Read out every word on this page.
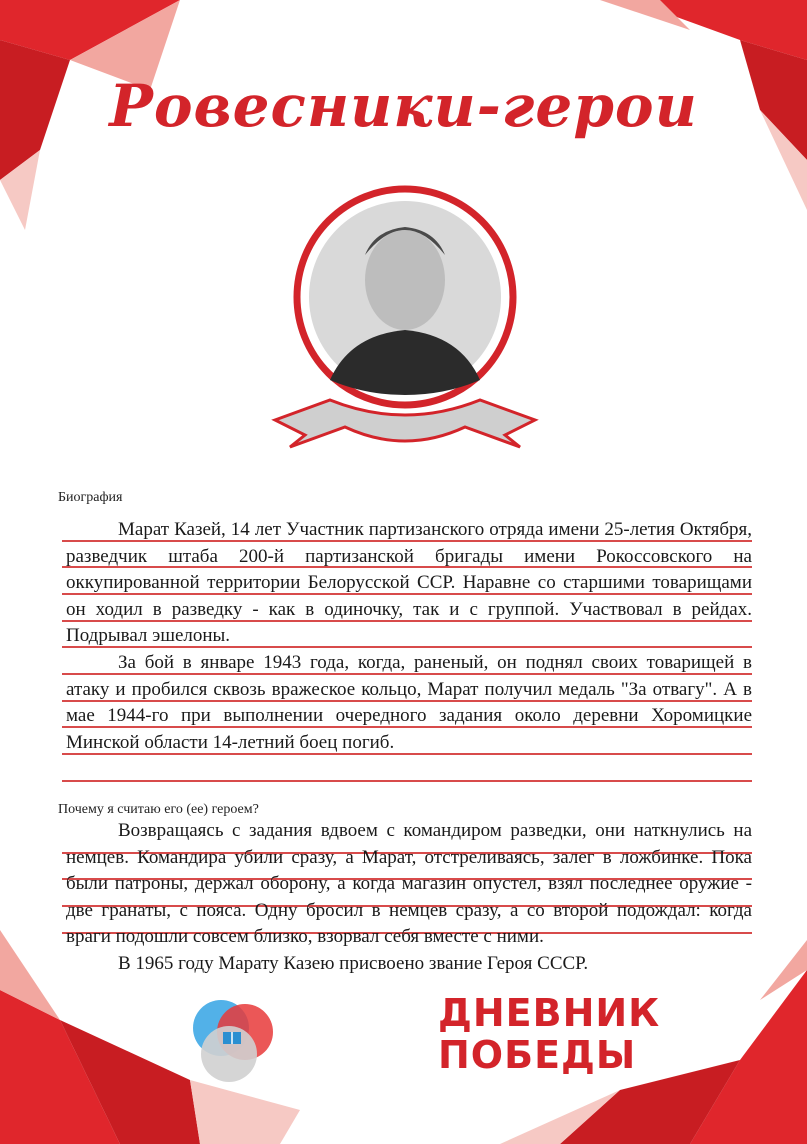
Ровесники-герои

Биография

Марат Казей, 14 лет Участник партизанского отряда имени 25-летия Октября, разведчик штаба 200-й партизанской бригады имени Рокоссовского на оккупированной территории Белорусской ССР. Наравне со старшими товарищами он ходил в разведку - как в одиночку, так и с группой. Участвовал в рейдах. Подрывал эшелоны.

За бой в январе 1943 года, когда, раненый, он поднял своих товарищей в атаку и пробился сквозь вражеское кольцо, Марат получил медаль "За отвагу". А в мае 1944-го при выполнении очередного задания около деревни Хоромицкие Минской области 14-летний боец погиб.

Почему я считаю его (ее) героем?

Возвращаясь с задания вдвоем с командиром разведки, они наткнулись на немцев. Командира убили сразу, а Марат, отстреливаясь, залег в ложбинке. Пока были патроны, держал оборону, а когда магазин опустел, взял последнее оружие - две гранаты, с пояса. Одну бросил в немцев сразу, а со второй подождал: когда враги подошли совсем близко, взорвал себя вместе с ними.

В 1965 году Марату Казею присвоено звание Героя СССР.

ДНЕВНИК
ПОБЕДЫ
